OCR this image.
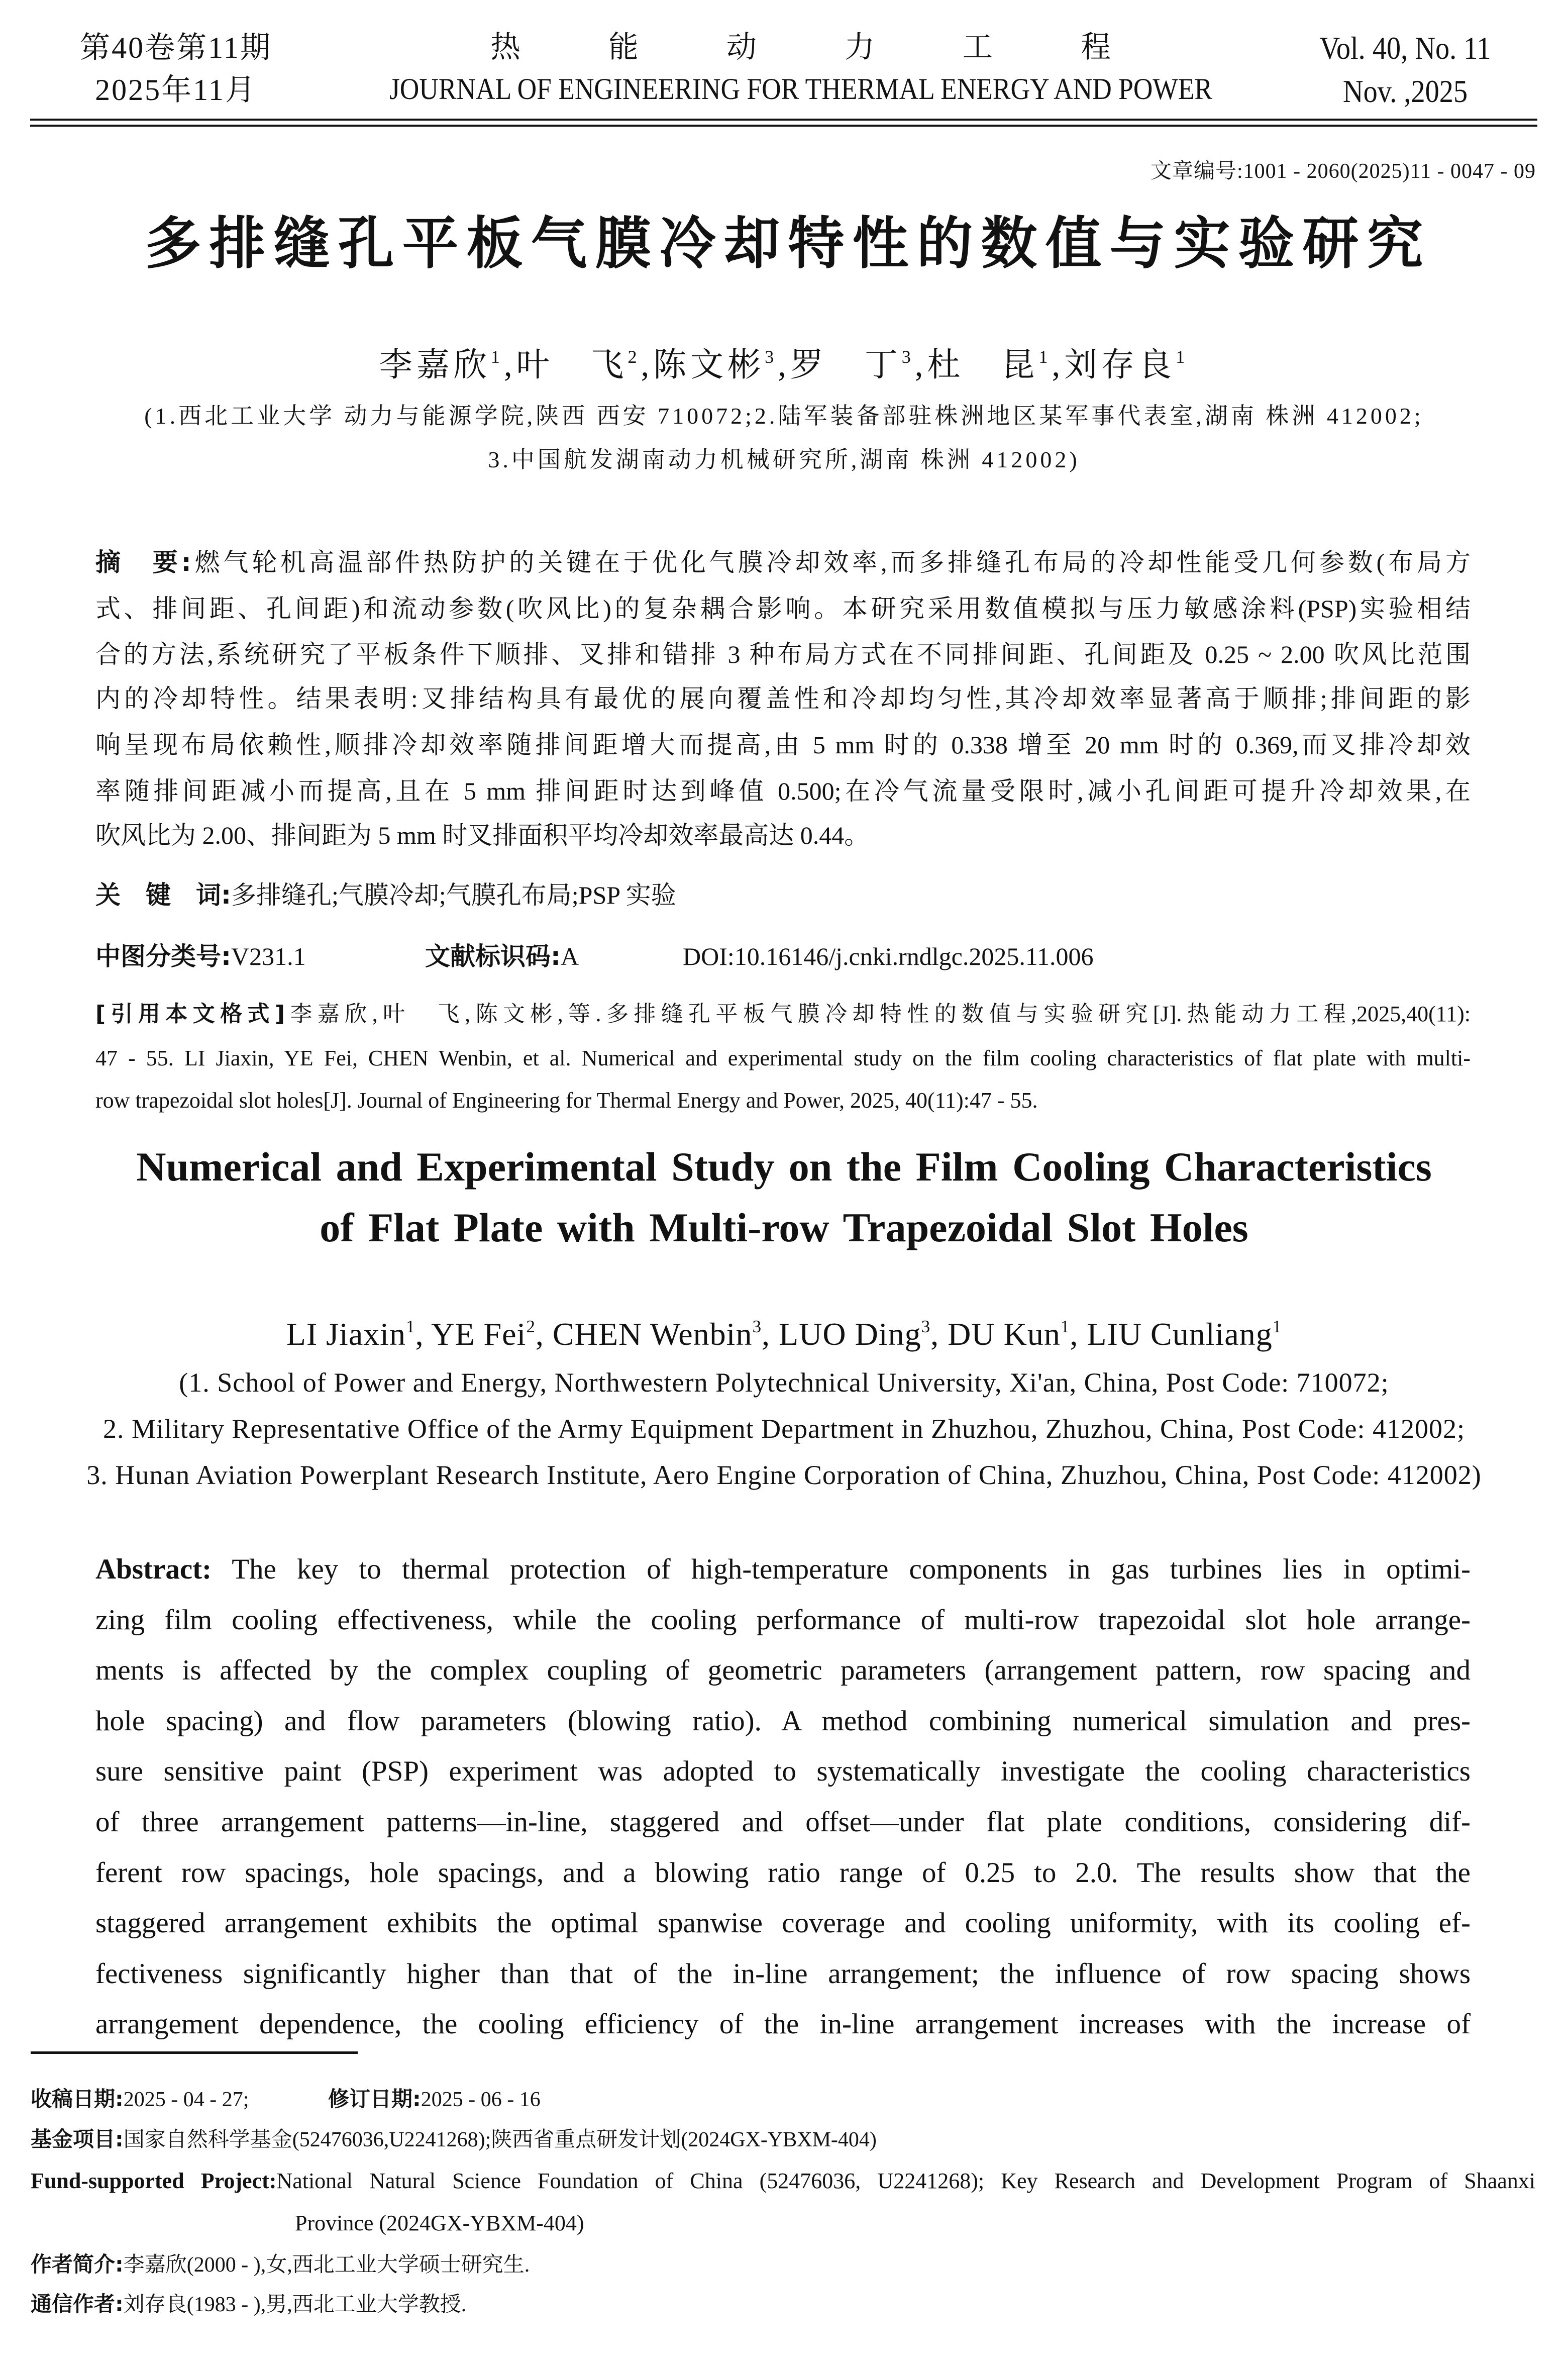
第40卷第11期
2025年11月
热能动力工程
JOURNAL OF ENGINEERING FOR THERMAL ENERGY AND POWER
Vol. 40, No. 11
Nov. ,2025
文章编号:1001 - 2060(2025)11 - 0047 - 09
多排缝孔平板气膜冷却特性的数值与实验研究
李嘉欣$^1$,叶　飞$^2$,陈文彬$^3$,罗　丁$^3$,杜　昆$^1$,刘存良$^1$
(1.西北工业大学 动力与能源学院,陕西 西安 710072;2.陆军装备部驻株洲地区某军事代表室,湖南 株洲 412002;
3.中国航发湖南动力机械研究所,湖南 株洲 412002)
摘　要:燃气轮机高温部件热防护的关键在于优化气膜冷却效率,而多排缝孔布局的冷却性能受几何参数(布局方
式、排间距、孔间距)和流动参数(吹风比)的复杂耦合影响。本研究采用数值模拟与压力敏感涂料(PSP)实验相结
合的方法,系统研究了平板条件下顺排、叉排和错排 3 种布局方式在不同排间距、孔间距及 0.25 ~ 2.00 吹风比范围
内的冷却特性。结果表明:叉排结构具有最优的展向覆盖性和冷却均匀性,其冷却效率显著高于顺排;排间距的影
响呈现布局依赖性,顺排冷却效率随排间距增大而提高,由 5 mm 时的 0.338 增至 20 mm 时的 0.369,而叉排冷却效
率随排间距减小而提高,且在 5 mm 排间距时达到峰值 0.500;在冷气流量受限时,减小孔间距可提升冷却效果,在
吹风比为 2.00、排间距为 5 mm 时叉排面积平均冷却效率最高达 0.44。
关　键　词:多排缝孔;气膜冷却;气膜孔布局;PSP 实验
中图分类号:V231.1	文献标识码:A	DOI:10.16146/j.cnki.rndlgc.2025.11.006
[引用本文格式]李嘉欣,叶　飞,陈文彬,等.多排缝孔平板气膜冷却特性的数值与实验研究[J].热能动力工程,2025,40(11):
47 - 55. LI Jiaxin, YE Fei, CHEN Wenbin, et al. Numerical and experimental study on the film cooling characteristics of flat plate with multi-
row trapezoidal slot holes[J]. Journal of Engineering for Thermal Energy and Power, 2025, 40(11):47 - 55.
Numerical and Experimental Study on the Film Cooling Characteristics
of Flat Plate with Multi-row Trapezoidal Slot Holes
LI Jiaxin$^1$, YE Fei$^2$, CHEN Wenbin$^3$, LUO Ding$^3$, DU Kun$^1$, LIU Cunliang$^1$
(1. School of Power and Energy, Northwestern Polytechnical University, Xi'an, China, Post Code: 710072;
2. Military Representative Office of the Army Equipment Department in Zhuzhou, Zhuzhou, China, Post Code: 412002;
3. Hunan Aviation Powerplant Research Institute, Aero Engine Corporation of China, Zhuzhou, China, Post Code: 412002)
Abstract: The key to thermal protection of high-temperature components in gas turbines lies in optimi-
zing film cooling effectiveness, while the cooling performance of multi-row trapezoidal slot hole arrange-
ments is affected by the complex coupling of geometric parameters (arrangement pattern, row spacing and
hole spacing) and flow parameters (blowing ratio). A method combining numerical simulation and pres-
sure sensitive paint (PSP) experiment was adopted to systematically investigate the cooling characteristics
of three arrangement patterns—in-line, staggered and offset—under flat plate conditions, considering dif-
ferent row spacings, hole spacings, and a blowing ratio range of 0.25 to 2.0. The results show that the
staggered arrangement exhibits the optimal spanwise coverage and cooling uniformity, with its cooling ef-
fectiveness significantly higher than that of the in-line arrangement; the influence of row spacing shows
arrangement dependence, the cooling efficiency of the in-line arrangement increases with the increase of
收稿日期:2025 - 04 - 27;	修订日期:2025 - 06 - 16
基金项目:国家自然科学基金(52476036,U2241268);陕西省重点研发计划(2024GX-YBXM-404)
Fund-supported Project:National Natural Science Foundation of China (52476036, U2241268); Key Research and Development Program of Shaanxi
Province (2024GX-YBXM-404)
作者简介:李嘉欣(2000 - ),女,西北工业大学硕士研究生.
通信作者:刘存良(1983 - ),男,西北工业大学教授.
